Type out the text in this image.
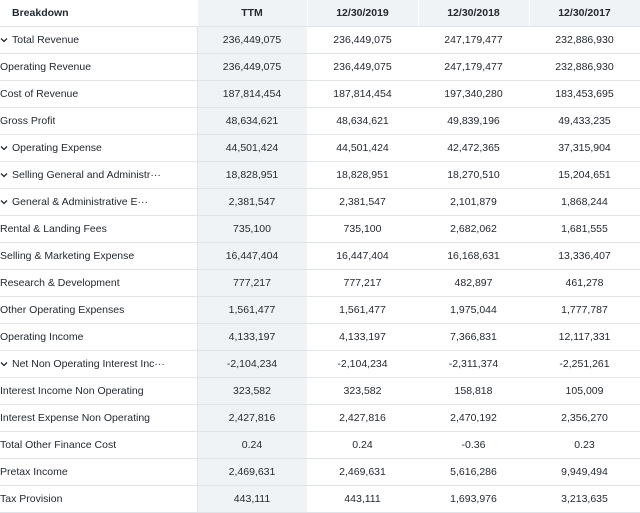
Breakdown	TTM	12/30/2019	12/30/2018	12/30/2017

Total Revenue	236,449,075	236,449,075	247,179,477	232,886,930
Operating Revenue	236,449,075	236,449,075	247,179,477	232,886,930
Cost of Revenue	187,814,454	187,814,454	197,340,280	183,453,695
Gross Profit	48,634,621	48,634,621	49,839,196	49,433,235

Operating Expense	44,501,424	44,501,424	42,472,365	37,315,904

Selling General and Administr···	18,828,951	18,828,951	18,270,510	15,204,651

General & Administrative E···	2,381,547	2,381,547	2,101,879	1,868,244
Rental & Landing Fees	735,100	735,100	2,682,062	1,681,555
Selling & Marketing Expense	16,447,404	16,447,404	16,168,631	13,336,407
Research & Development	777,217	777,217	482,897	461,278
Other Operating Expenses	1,561,477	1,561,477	1,975,044	1,777,787
Operating Income	4,133,197	4,133,197	7,366,831	12,117,331

Net Non Operating Interest Inc···	-2,104,234	-2,104,234	-2,311,374	-2,251,261
Interest Income Non Operating	323,582	323,582	158,818	105,009
Interest Expense Non Operating	2,427,816	2,427,816	2,470,192	2,356,270
Total Other Finance Cost	0.24	0.24	-0.36	0.23
Pretax Income	2,469,631	2,469,631	5,616,286	9,949,494
Tax Provision	443,111	443,111	1,693,976	3,213,635
